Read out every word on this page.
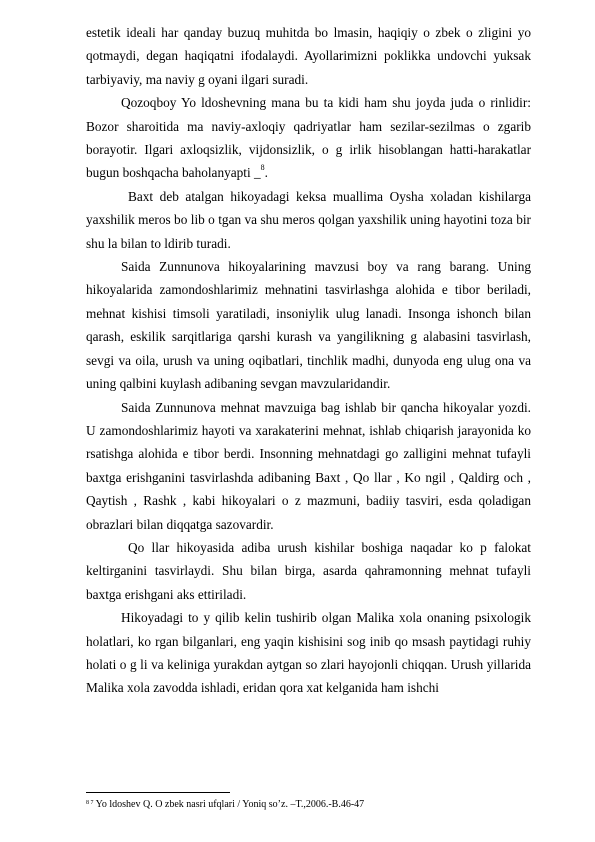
estetik ideali har qanday buzuq muhitda bo lmasin, haqiqiy o zbek o zligini yo qotmaydi, degan haqiqatni ifodalaydi. Ayollarimizni poklikka undovchi yuksak tarbiyaviy, ma naviy g oyani ilgari suradi.

Qozoqboy Yo ldoshevning mana bu ta kidi ham shu joyda juda o rinlidir: Bozor sharoitida ma naviy-axloqiy qadriyatlar ham sezilar-sezilmas o zgarib borayotir. Ilgari axloqsizlik, vijdonsizlik, o g irlik hisoblangan hatti-harakatlar bugun boshqacha baholanyapti _$^8$.

Baxt deb atalgan hikoyadagi keksa muallima Oysha xoladan kishilarga yaxshilik meros bo lib o tgan va shu meros qolgan yaxshilik uning hayotini toza bir shu la bilan to ldirib turadi.

Saida Zunnunova hikoyalarining mavzusi boy va rang barang. Uning hikoyalarida zamondoshlarimiz mehnatini tasvirlashga alohida e tibor beriladi, mehnat kishisi timsoli yaratiladi, insoniylik ulug lanadi. Insonga ishonch bilan qarash, eskilik sarqitlariga qarshi kurash va yangilikning g alabasini tasvirlash, sevgi va oila, urush va uning oqibatlari, tinchlik madhi, dunyoda eng ulug ona va uning qalbini kuylash adibaning sevgan mavzularidandir.

Saida Zunnunova mehnat mavzuiga bag ishlab bir qancha hikoyalar yozdi. U zamondoshlarimiz hayoti va xarakaterini mehnat, ishlab chiqarish jarayonida ko rsatishga alohida e tibor berdi. Insonning mehnatdagi go zalligini mehnat tufayli baxtga erishganini tasvirlashda adibaning Baxt , Qo llar , Ko ngil , Qaldirg och , Qaytish , Rashk , kabi hikoyalari o z mazmuni, badiiy tasviri, esda qoladigan obrazlari bilan diqqatga sazovardir.

Qo llar hikoyasida adiba urush kishilar boshiga naqadar ko p falokat keltirganini tasvirlaydi. Shu bilan birga, asarda qahramonning mehnat tufayli baxtga erishgani aks ettiriladi.

Hikoyadagi to y qilib kelin tushirib olgan Malika xola onaning psixologik holatlari, ko rgan bilganlari, eng yaqin kishisini sog inib qo msash paytidagi ruhiy holati o g li va keliniga yurakdan aytgan so zlari hayojonli chiqqan. Urush yillarida Malika xola zavodda ishladi, eridan qora xat kelganida ham ishchi

$^{8 7}$ Yo ldoshev Q. O zbek nasri ufqlari / Yoniq so’z. –T.,2006.-B.46-47
